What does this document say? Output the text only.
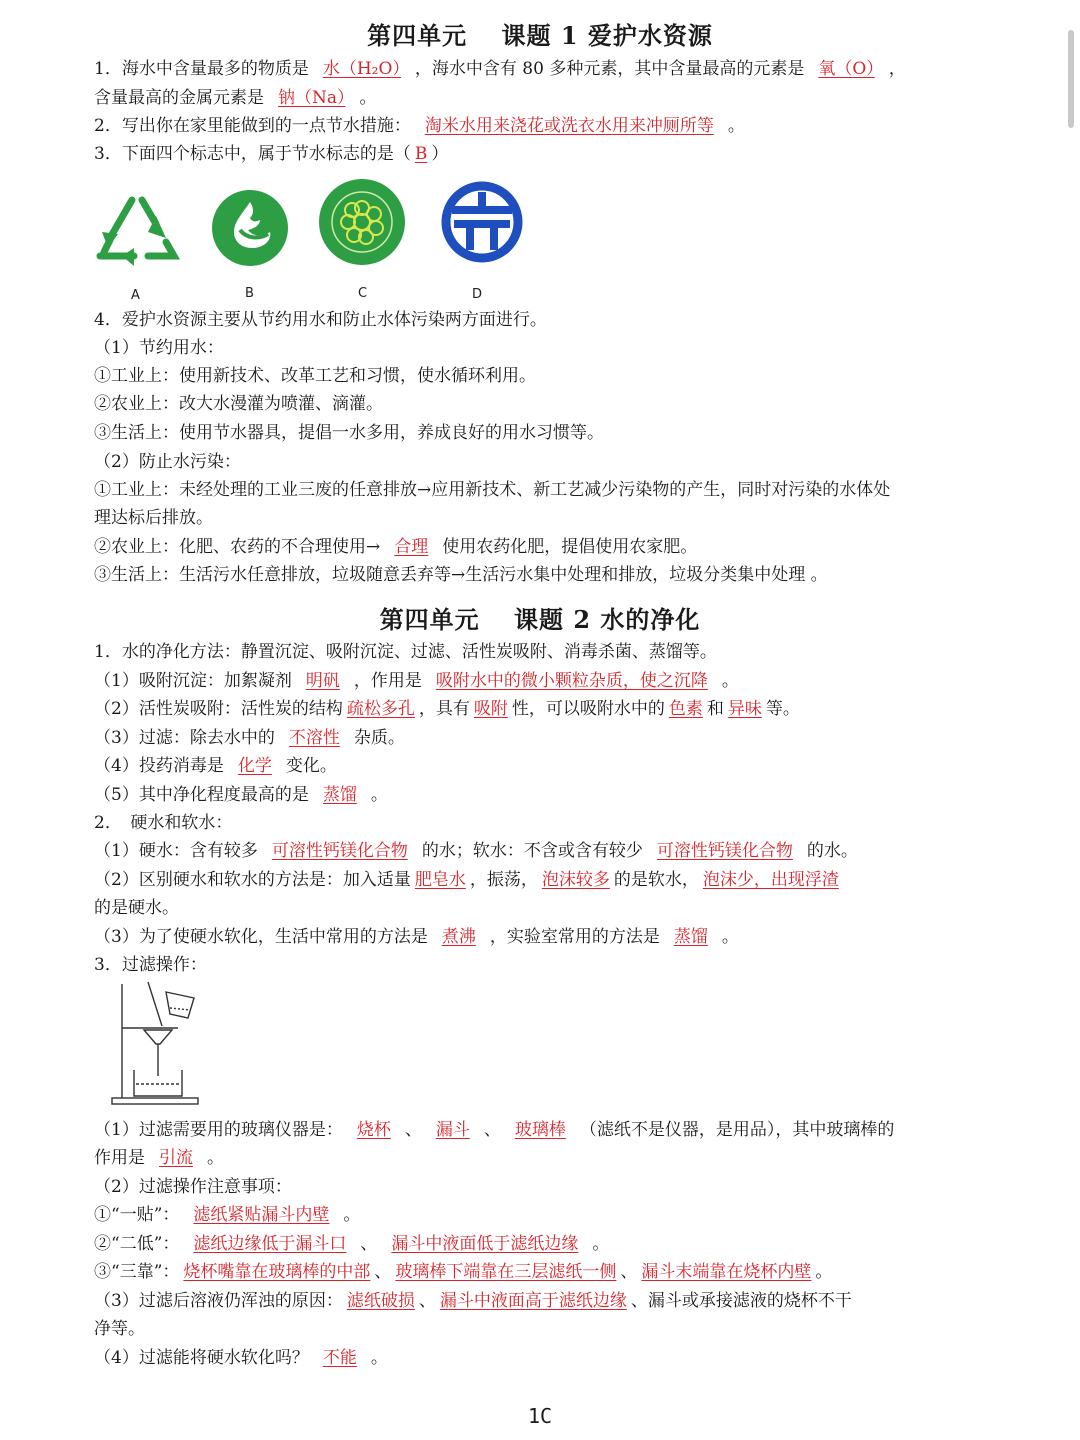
第四单元　 课题 1 爱护水资源
1．海水中含量最多的物质是 水（H₂O） ，海水中含有 80 多种元素，其中含量最高的元素是 氧（O） ，
含量最高的金属元素是 钠（Na） 。
2．写出你在家里能做到的一点节水措施： 淘米水用来浇花或洗衣水用来冲厕所等 。
3．下面四个标志中，属于节水标志的是（ B ）
A	B	C	D
4．爱护水资源主要从节约用水和防止水体污染两方面进行。
（1）节约用水：
①工业上：使用新技术、改革工艺和习惯，使水循环利用。
②农业上：改大水漫灌为喷灌、滴灌。
③生活上：使用节水器具，提倡一水多用，养成良好的用水习惯等。
（2）防止水污染：
①工业上：未经处理的工业三废的任意排放→应用新技术、新工艺减少污染物的产生，同时对污染的水体处
理达标后排放。
②农业上：化肥、农药的不合理使用→ 合理 使用农药化肥，提倡使用农家肥。
③生活上：生活污水任意排放，垃圾随意丢弃等→生活污水集中处理和排放，垃圾分类集中处理 。
第四单元　 课题 2 水的净化
1．水的净化方法：静置沉淀、吸附沉淀、过滤、活性炭吸附、消毒杀菌、蒸馏等。
（1）吸附沉淀：加絮凝剂 明矾 ，作用是 吸附水中的微小颗粒杂质，使之沉降 。
（2）活性炭吸附：活性炭的结构 疏松多孔 ，具有 吸附 性，可以吸附水中的 色素 和 异味 等。
（3）过滤：除去水中的 不溶性 杂质。
（4）投药消毒是 化学 变化。
（5）其中净化程度最高的是 蒸馏 。
2．　硬水和软水：
（1）硬水：含有较多 可溶性钙镁化合物 的水；软水：不含或含有较少 可溶性钙镁化合物 的水。
（2）区别硬水和软水的方法是：加入适量 肥皂水 ，振荡， 泡沫较多 的是软水， 泡沫少，出现浮渣
的是硬水。
（3）为了使硬水软化，生活中常用的方法是 煮沸 ，实验室常用的方法是 蒸馏 。
3．过滤操作：
（1）过滤需要用的玻璃仪器是： 烧杯 、 漏斗 、 玻璃棒 （滤纸不是仪器，是用品），其中玻璃棒的
作用是 引流 。
（2）过滤操作注意事项：
①“一贴”： 滤纸紧贴漏斗内壁 。
②“二低”： 滤纸边缘低于漏斗口 、 漏斗中液面低于滤纸边缘 。
③“三靠”： 烧杯嘴靠在玻璃棒的中部 、 玻璃棒下端靠在三层滤纸一侧 、 漏斗末端靠在烧杯内壁 。
（3）过滤后溶液仍浑浊的原因： 滤纸破损 、 漏斗中液面高于滤纸边缘 、漏斗或承接滤液的烧杯不干
净等。
（4）过滤能将硬水软化吗？ 不能 。
1C
